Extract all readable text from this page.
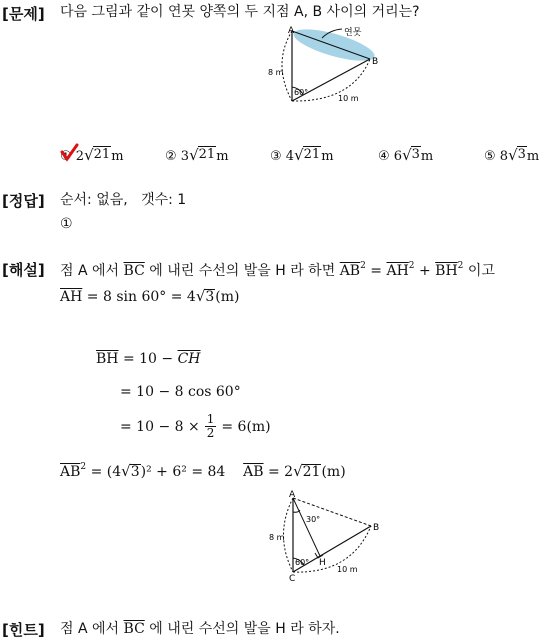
[문제] 다음 그림과 같이 연못 양쪽의 두 지점 A, B 사이의 거리는?
A
B
연못
8 m
10 m
60°
① 2 √ 21 m	② 3 √ 21 m	③ 4 √ 21 m	④ 6 √ 3 m	⑤ 8 √ 3 m
[정답] 순서: 없음,   갯수: 1
①
[해설] 점 A 에서 $\overline{BC}$ 에 내린 수선의 발을 H 라 하면 $\overline{AB}^2 = \overline{AH}^2 + \overline{BH}^2$ 이고
$\overline{AH} = 8$ sin 60° = 4 √ 3 (m)
$\overline{BH} = 10 - \overline{CH}$
= 10 − 8 cos 60°
= $10 - 8 \times \frac{1}{2} = 6(m)$
$\overline{AB}^2 = (4$ √ 3 )² + 6² = 84 $\overline{AB} = 2$ √ 21 (m)
A
B
C
H
8 m
10 m
30°
60°
[힌트] 점 A 에서 $\overline{BC}$ 에 내린 수선의 발을 H 라 하자.
